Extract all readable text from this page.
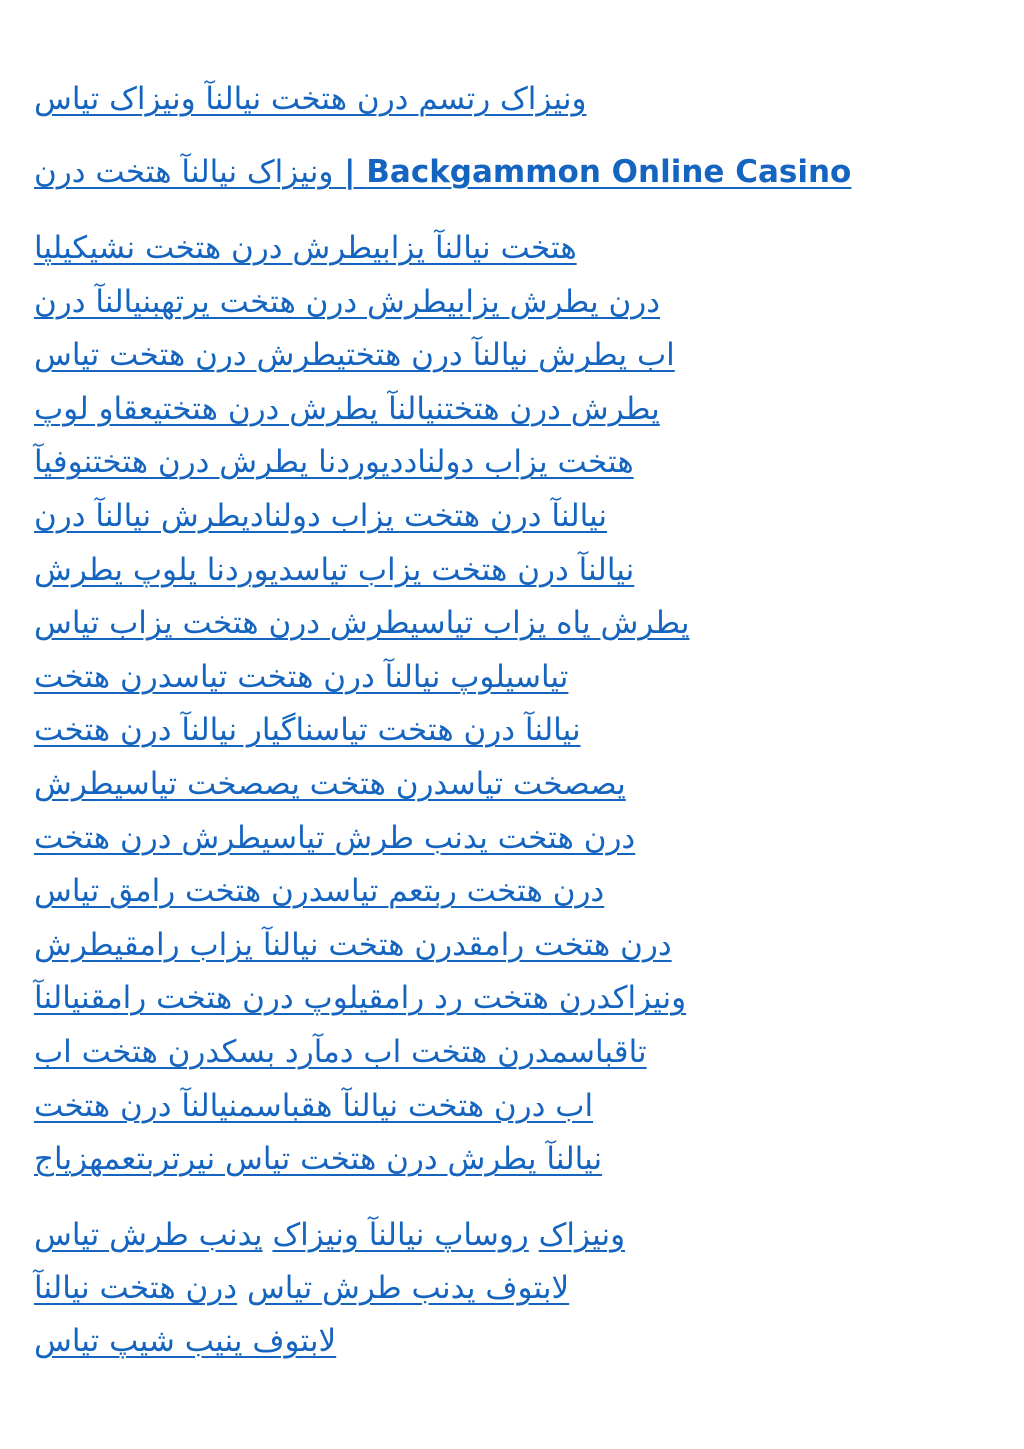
ونیزاک رتسم درن هتخت نیالنآ ونیزاک تیاس
ونیزاک نیالنآ هتخت درن | Backgammon Online Casino
هتخت نیالنآ یزابیطرش درن هتخت نشیکیلپا
درن یطرش یزابیطرش درن هتخت یرتهبنیالنآ درن
اب یطرش نیالنآ درن هتختیطرش درن هتخت تیاس
یطرش درن هتختنیالنآ یطرش درن هتختیعقاو لوپ
هتخت یزاب دولناددیوردنا یطرش درن هتختنوفیآ
نیالنآ درن هتخت یزاب دولنادیطرش نیالنآ درن
نیالنآ درن هتخت یزاب تیاسدیوردنا یلوپ یطرش
یطرش یاه یزاب تیاسیطرش درن هتخت یزاب تیاس
تیاسیلوپ نیالنآ درن هتخت تیاسدرن هتخت
نیالنآ درن هتخت تیاسناگیار نیالنآ درن هتخت
یصصخت تیاسدرن هتخت یصصخت تیاسیطرش
درن هتخت یدنب طرش تیاسیطرش درن هتخت
درن هتخت ربتعم تیاسدرن هتخت رامق تیاس
درن هتخت رامقدرن هتخت نیالنآ یزاب رامقیطرش
ونیزاکدرن هتخت رد رامقیلوپ درن هتخت رامقنیالنآ
تاقباسمدرن هتخت اب دمآرد بسکدرن هتخت اب
اب درن هتخت نیالنآ هقباسمنیالنآ درن هتخت
نیالنآ یطرش درن هتخت تیاس نیرتربتعمهزیاج
ونیزاک روساپ نیالنآ ونیزاک یدنب طرش تیاس
لابتوف یدنب طرش تیاس درن هتخت نیالنآ
لابتوف ینیب شیپ تیاس
